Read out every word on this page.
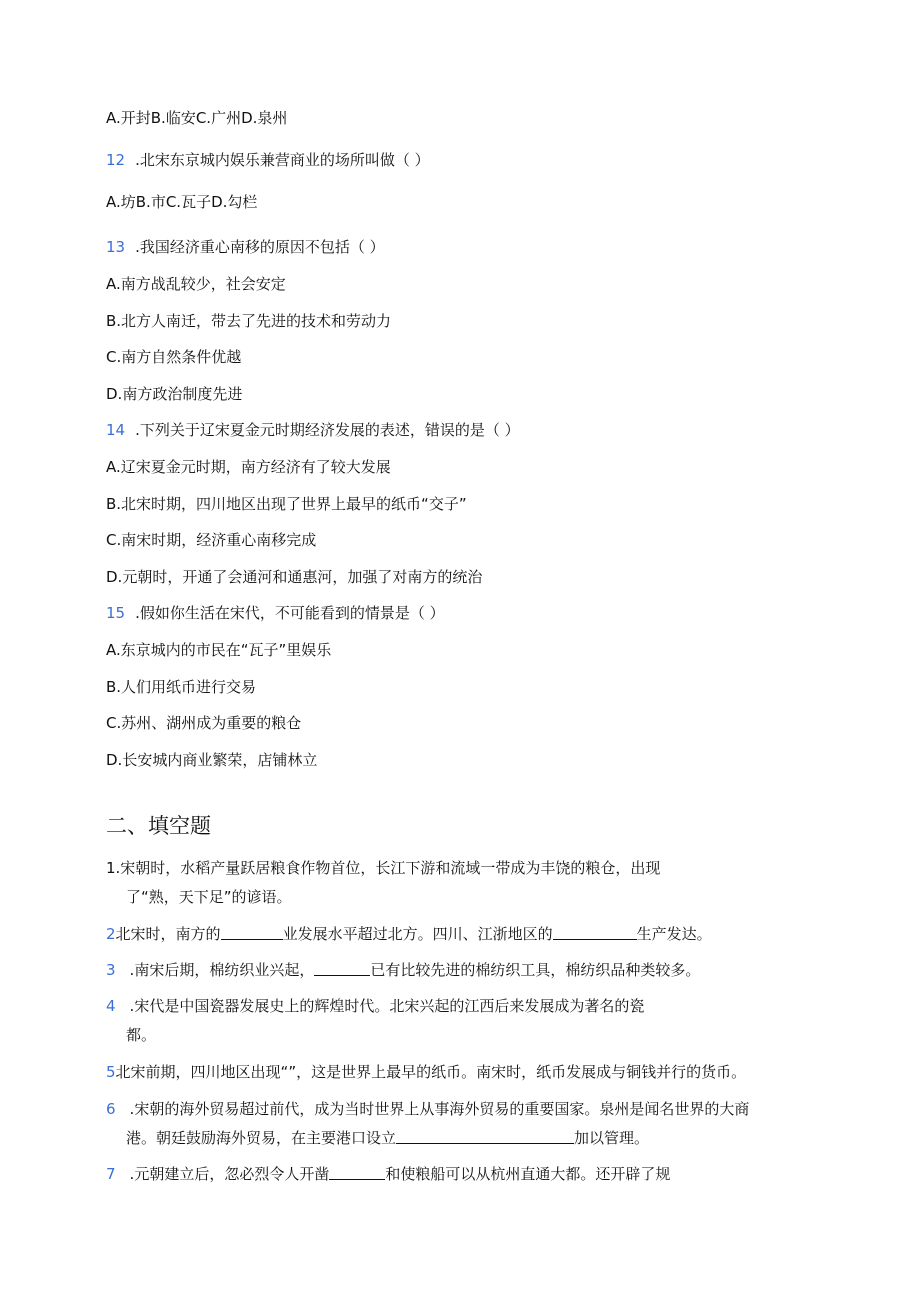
A.开封B.临安C.广州D.泉州
12 .北宋东京城内娱乐兼营商业的场所叫做（ ）
A.坊B.市C.瓦子D.勾栏
13 .我国经济重心南移的原因不包括（ ）
A.南方战乱较少，社会安定
B.北方人南迁，带去了先进的技术和劳动力
C.南方自然条件优越
D.南方政治制度先进
14 .下列关于辽宋夏金元时期经济发展的表述，错误的是（ ）
A.辽宋夏金元时期，南方经济有了较大发展
B.北宋时期，四川地区出现了世界上最早的纸币“交子”
C.南宋时期，经济重心南移完成
D.元朝时，开通了会通河和通惠河，加强了对南方的统治
15 .假如你生活在宋代，不可能看到的情景是（ ）
A.东京城内的市民在“瓦子”里娱乐
B.人们用纸币进行交易
C.苏州、湖州成为重要的粮仓
D.长安城内商业繁荣，店铺林立
二、填空题
1.宋朝时，水稻产量跃居粮食作物首位，长江下游和流域一带成为丰饶的粮仓，出现
了“熟，天下足”的谚语。
2北宋时，南方的	业发展水平超过北方。四川、江浙地区的	生产发达。
3 .南宋后期，棉纺织业兴起，	已有比较先进的棉纺织工具，棉纺织品种类较多。
4 .宋代是中国瓷器发展史上的辉煌时代。北宋兴起的江西后来发展成为著名的瓷
都。
5北宋前期，四川地区出现“”，这是世界上最早的纸币。南宋时，纸币发展成与铜钱并行的货币。
6 .宋朝的海外贸易超过前代，成为当时世界上从事海外贸易的重要国家。泉州是闻名世界的大商
港。朝廷鼓励海外贸易，在主要港口设立	加以管理。
7 .元朝建立后，忽必烈令人开凿	和使粮船可以从杭州直通大都。还开辟了规
